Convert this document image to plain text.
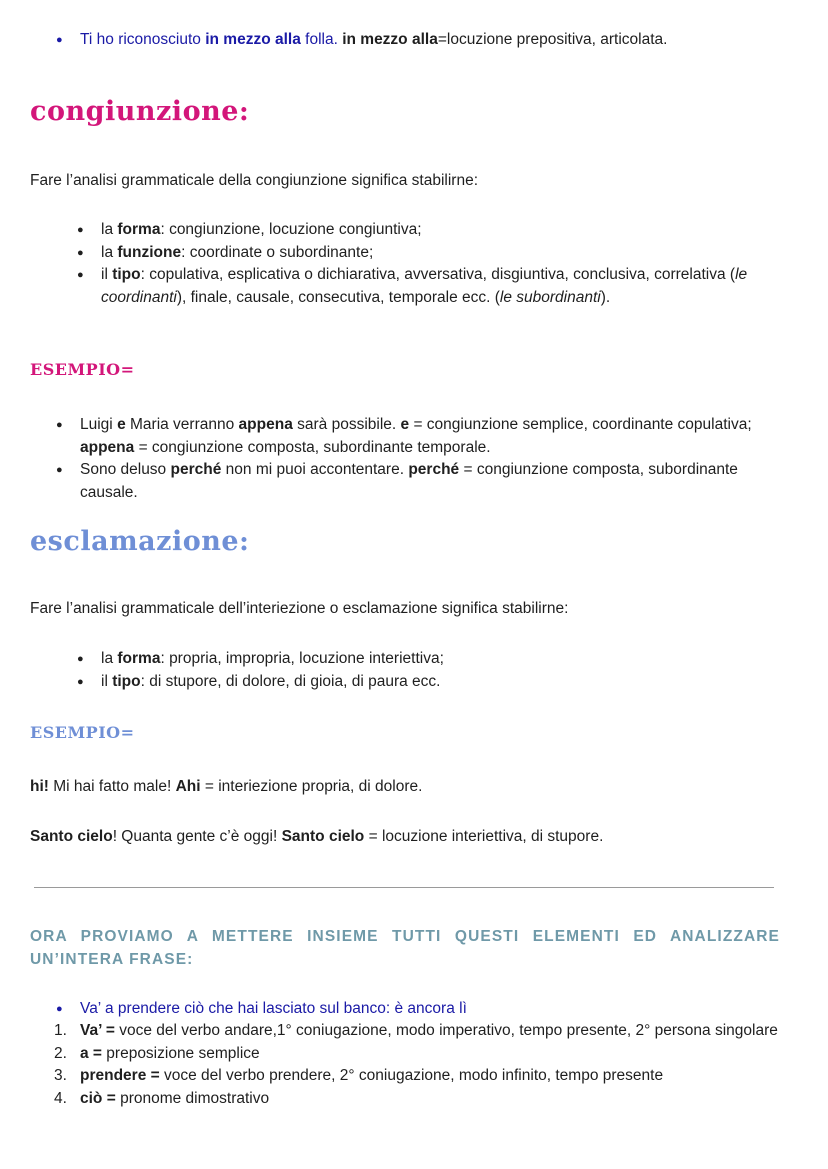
● Ti ho riconosciuto in mezzo alla folla. in mezzo alla=locuzione prepositiva, articolata.
congiunzione:
Fare l’analisi grammaticale della congiunzione significa stabilirne:
● la forma: congiunzione, locuzione congiuntiva;
● la funzione: coordinate o subordinante;
● il tipo: copulativa, esplicativa o dichiarativa, avversativa, disgiuntiva, conclusiva, correlativa (le coordinanti), finale, causale, consecutiva, temporale ecc. (le subordinanti).
ESEMPIO=
● Luigi e Maria verranno appena sarà possibile. e = congiunzione semplice, coordinante copulativa; appena = congiunzione composta, subordinante temporale.
● Sono deluso perché non mi puoi accontentare. perché = congiunzione composta, subordinante causale.
esclamazione:
Fare l’analisi grammaticale dell’interiezione o esclamazione significa stabilirne:
● la forma: propria, impropria, locuzione interiettiva;
● il tipo: di stupore, di dolore, di gioia, di paura ecc.
ESEMPIO=
hi! Mi hai fatto male! Ahi = interiezione propria, di dolore.
Santo cielo! Quanta gente c’è oggi! Santo cielo = locuzione interiettiva, di stupore.
ORA PROVIAMO A METTERE INSIEME TUTTI QUESTI ELEMENTI ED ANALIZZARE UN’INTERA FRASE:
● Va’ a prendere ciò che hai lasciato sul banco: è ancora lì
1. Va’ = voce del verbo andare,1° coniugazione, modo imperativo, tempo presente, 2° persona singolare
2. a = preposizione semplice
3. prendere = voce del verbo prendere, 2° coniugazione, modo infinito, tempo presente
4. ciò = pronome dimostrativo
